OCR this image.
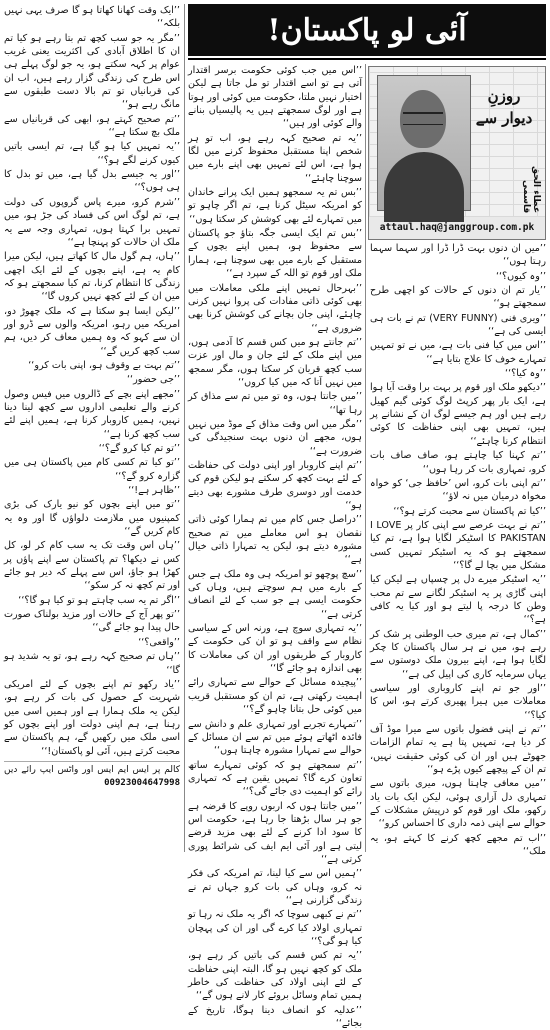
آئی لو پاکستان!
روزنِ
دیوار سے
عطاء الحق قاسمی
attaul.haq@janggroup.com.pk

’’میں ان دنوں بہت ڈرا ڈرا اور سہما سہما رہتا ہوں‘‘

’’وہ کیوں؟‘‘

’’یار تم ان دنوں کے حالات کو اچھی طرح سمجھتے ہو‘‘

’’ویری فنی (VERY FUNNY) تم نے بات ہی ایسی کی ہے‘‘

’’اس میں کیا فنی بات ہے، میں نے تو تمہیں تمہارے خوف کا علاج بتایا ہے‘‘

’’وہ کیا؟‘‘

’’دیکھو ملک اور قوم پر بہت برا وقت آیا ہوا ہے، ایک بار پھر کرپٹ لوگ کوئی گیم کھیل رہے ہیں اور ہم جیسے لوگ ان کے نشانے پر ہیں، تمہیں بھی اپنی حفاظت کا کوئی انتظام کرنا چاہئے‘‘

’’تم کہنا کیا چاہتے ہو، صاف صاف بات کرو، تمہاری بات کر رہا ہوں‘‘

’’تم اپنی بات کرو، اس ’حافظ جی‘ کو خواہ مخواہ درمیان میں نہ لاؤ‘‘

’’کیا تم پاکستان سے محبت کرتے ہو؟‘‘

’’تم نے بہت عرصے سے اپنی کار پر I LOVE PAKISTAN کا اسٹیکر لگایا ہوا ہے، تم کیا سمجھتے ہو کہ یہ اسٹیکر تمہیں کسی مشکل میں بچا لے گا؟‘‘

’’یہ اسٹیکر میرے دل پر چسپاں ہے لیکن کیا اپنی گاڑی پر یہ اسٹیکر لگانے سے تم محب وطن کا درجہ پا لیتے ہو اور کیا یہ کافی ہے؟‘‘

’’کمال ہے، تم میری حب الوطنی پر شک کر رہے ہو، میں نے ہر سال پاکستان کا چکر لگایا ہوا ہے، اپنے بیرون ملک دوستوں سے یہاں سرمایہ کاری کی اپیل کی ہے‘‘

’’اور جو تم اپنے کاروباری اور سیاسی معاملات میں ہیرا پھیری کرتے ہو، اس کا کیا؟‘‘

’’تم نے اپنی فضول باتوں سے میرا موڈ آف کر دیا ہے، تمہیں پتا ہے یہ تمام الزامات جھوٹے ہیں اور ان کی کوئی حقیقت نہیں، تم ان کے پیچھے کیوں پڑے ہو‘‘

’’میں معافی چاہتا ہوں، میری باتوں سے تمہاری دل آزاری ہوئی، لیکن ایک بات یاد رکھو، ملک اور قوم کو درپیش مشکلات کے حوالے سے اپنی ذمہ داری کا احساس کرو‘‘

’’اب تم مجھے کچھ کرنے کا کہتے ہو، یہ ملک‘‘

’’اس میں جب کوئی حکومت برسر اقتدار آتی ہے تو اسے اقتدار تو مل جاتا ہے لیکن اختیار نہیں ملتا، حکومت میں کوئی اور ہوتا ہے اور لوگ سمجھتے ہیں یہ پالیسیاں بنانے والے کوئی اور ہیں‘‘

’’یہ تم صحیح کہہ رہے ہو، اب تو ہر شخص اپنا مستقبل محفوظ کرنے میں لگا ہوا ہے، اس لئے تمہیں بھی اپنے بارے میں سوچنا چاہئے‘‘

’’بس تم یہ سمجھو ہمیں ایک پرانے خاندان کو امریکہ سیٹل کرنا ہے، تم اگر چاہو تو میں تمہارے لئے بھی کوشش کر سکتا ہوں‘‘

’’بس تم ایک ایسی جگہ بتاؤ جو پاکستان سے محفوظ ہو، ہمیں اپنے بچوں کے مستقبل کے بارے میں بھی سوچنا ہے، ہمارا ملک اور قوم تو اللہ کے سپرد ہے‘‘

’’بہرحال تمہیں اپنے ملکی معاملات میں بھی کوئی ذاتی مفادات کی پروا نہیں کرنی چاہئے، اپنی جان بچانے کی کوشش کرنا بھی ضروری ہے‘‘

’’تم جانتے ہو میں کس قسم کا آدمی ہوں، میں اپنے ملک کے لئے جان و مال اور عزت سب کچھ قربان کر سکتا ہوں، مگر سمجھ میں نہیں آتا کہ میں کیا کروں‘‘

’’میں جانتا ہوں، وہ تو میں تم سے مذاق کر رہا تھا‘‘

’’مگر میں اس وقت مذاق کے موڈ میں نہیں ہوں، مجھے ان دنوں بہت سنجیدگی کی ضرورت ہے‘‘

’’تم اپنے کاروبار اور اپنی دولت کی حفاظت کے لئے بہت کچھ کر سکتے ہو لیکن قوم کی خدمت اور دوسری طرف مشورے بھی دیتے ہو‘‘

’’دراصل جس کام میں تم ہمارا کوئی ذاتی نقصان ہو اس معاملے میں تم صحیح مشورہ دیتے ہو، لیکن یہ تمہارا ذاتی خیال ہے‘‘

’’سچ پوچھو تو امریکہ ہی وہ ملک ہے جس کے بارے میں ہم سوچتے ہیں، وہاں کی حکومت ایسی ہے جو سب کے لئے انصاف کرتی ہے‘‘

’’یہ تمہاری سوچ ہے، ورنہ اس کے سیاسی نظام سے واقف ہو تو ان کی حکومت کے کاروبار کے طریقوں اور ان کی معاملات کا بھی اندازہ ہو جائے گا‘‘

’’پیچیدہ مسائل کے حوالے سے تمہاری رائے اہمیت رکھتی ہے، تم ان کو مستقبل قریب میں کوئی حل بتانا چاہو گے؟‘‘

’’تمہارے تجربے اور تمہاری علم و دانش سے فائدہ اٹھاتے ہوئے میں تم سے ان مسائل کے حوالے سے تمہارا مشورہ چاہتا ہوں‘‘

’’تم سمجھتے ہو کہ کوئی تمہارے ساتھ تعاون کرے گا؟ تمہیں یقین ہے کہ تمہاری رائے کو اہمیت دی جائے گی؟‘‘

’’میں جانتا ہوں کہ اربوں روپے کا قرضہ ہے جو ہر سال بڑھتا جا رہا ہے، حکومت اس کا سود ادا کرنے کے لئے بھی مزید قرضے لیتی ہے اور آئی ایم ایف کی شرائط پوری کرتی ہے‘‘

’’ہمیں اس سے کیا لینا، تم امریکہ کی فکر نہ کرو، وہاں کی بات کرو جہاں تم نے زندگی گزارنی ہے‘‘

’’تم نے کبھی سوچا کہ اگر یہ ملک نہ رہا تو تمہاری اولاد کیا کرے گی اور ان کی پہچان کیا ہو گی؟‘‘

’’یہ تم کس قسم کی باتیں کر رہے ہو، ملک کو کچھ نہیں ہو گا، البتہ اپنی حفاظت کے لئے اپنی اولاد کی حفاظت کی خاطر ہمیں تمام وسائل بروئے کار لانے ہوں گے‘‘

’’عدلیہ کو انصاف دینا ہوگا، تاریخ کے بجائے‘‘

’’ایک وقت کھانا کھاتا ہو گا صرف یہی نہیں بلکہ‘‘

’’مگر یہ جو سب کچھ تم بتا رہے ہو کیا تم ان کا اطلاق آبادی کی اکثریت یعنی غریب عوام پر کہہ سکتے ہو، یہ جو لوگ پہلے ہی اس طرح کی زندگی گزار رہے ہیں، اب ان کی قربانیاں تو تم بالا دست طبقوں سے مانگ رہے ہو‘‘

’’تم صحیح کہتے ہو، ابھی کی قربانیاں سے ملک بچ سکتا ہے‘‘

’’یہ تمہیں کیا ہو گیا ہے، تم ایسی باتیں کیوں کرنے لگے ہو؟‘‘

’’اور یہ جیسے بدل گیا ہے، میں تو بدل کا ہی ہوں؟‘‘

’’شرم کرو، میرے پاس گروپوں کی دولت ہے، تم لوگ اس کی فساد کی جڑ ہو، میں تمہیں برا کہتا ہوں، تمہاری وجہ سے یہ ملک ان حالات کو پہنچا ہے‘‘

’’ہاں، ہم گول مال کا کھاتے ہیں، لیکن میرا کام یہ ہے، اپنے بچوں کے لئے ایک اچھی زندگی کا انتظام کرنا، تم کیا سمجھتے ہو کہ میں ان کے لئے کچھ نہیں کروں گا‘‘

’’لیکن ایسا ہو سکتا ہے کہ ملک چھوڑ دو، امریکہ میں رہو، امریکہ والوں سے ڈرو اور ان سے کہو کہ وہ ہمیں معاف کر دیں، ہم سب کچھ کریں گے‘‘

’’تم بہت بے وقوف ہو، اپنی بات کرو‘‘

’’جی حضور‘‘

’’مجھے اپنے بچے کے ڈالروں میں فیس وصول کرنے والے تعلیمی اداروں سے کچھ لینا دینا نہیں، ہمیں کاروبار کرنا ہے، ہمیں اپنے لئے سب کچھ کرنا ہے‘‘

’’تو تم کیا کرو گے؟‘‘

’’تو کیا تم کسی کام میں پاکستان ہی میں گزارہ کرو گے؟‘‘

’’ظاہر ہے!‘‘

’’تو میں اپنے بچوں کو نیو یارک کی بڑی کمپنیوں میں ملازمت دلواؤں گا اور وہ یہ کام کریں گے‘‘

’’ہاں اس وقت تک یہ سب کام کر لو، کل کس نے دیکھا؟ تم پاکستان سے اپنے پاؤں پر کھڑا ہو جاؤ، اس سے پہلے کہ دیر ہو جائے اور تم کچھ نہ کر سکو‘‘

’’اگر تم یہ سب چاہتے ہو تو کیا ہو گا؟‘‘

’’تو پھر آج کے حالات اور مزید بولناک صورت حال پیدا ہو جائے گی‘‘

’’واقعی؟‘‘

’’ہاں تم صحیح کہہ رہے ہو، تو یہ شدید ہو گا‘‘

’’یاد رکھو تم اپنے بچوں کے لئے امریکی شہریت کے حصول کی بات کر رہے ہو، لیکن یہ ملک ہمارا ہے اور ہمیں اسی میں رہنا ہے، ہم اپنی دولت اور اپنے بچوں کو اسی ملک میں رکھیں گے، ہم پاکستان سے محبت کرتے ہیں، آئی لو پاکستان!‘‘

کالم پر ایس ایم ایس اور واٹس ایپ رائے دیں 00923004647998
